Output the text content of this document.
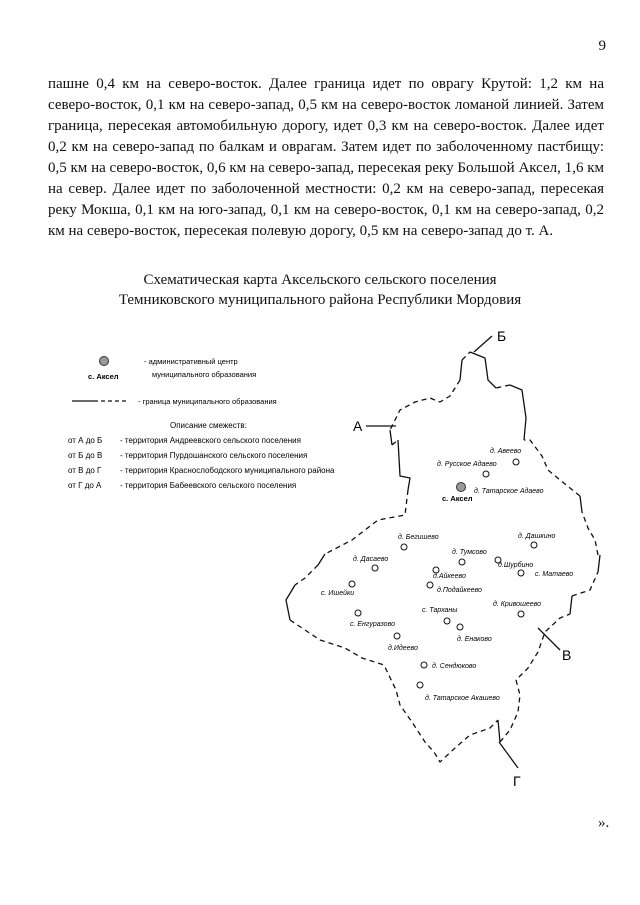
9

пашне 0,4 км на северо-восток. Далее граница идет по оврагу Крутой: 1,2 км на северо-восток, 0,1 км на северо-запад, 0,5 км на северо-восток ломаной линией. Затем граница, пересекая автомобильную дорогу, идет 0,3 км на северо-восток. Далее идет 0,2 км на северо-запад по балкам и оврагам. Затем идет по заболоченному пастбищу: 0,5 км на северо-восток, 0,6 км на северо-запад, пересекая реку Большой Аксел, 1,6 км на север. Далее идет по заболоченной местности: 0,2 км на северо-запад, пересекая реку Мокша, 0,1 км на юго-запад, 0,1 км на северо-восток, 0,1 км на северо-запад, 0,2 км на северо-восток, пересекая полевую дорогу, 0,5 км на северо-запад до т. А.

Схематическая карта Аксельского сельского поселения
Темниковского муниципального района Республики Мордовия
с. Аксел
- административный центр
муниципального образования
- граница муниципального образования
Описание смежеств:
от А до Б - территория Андреевского сельского поселения
от Б до В - территория Пурдошанского сельского поселения
от В до Г - территория Краснослободского муниципального района
от Г до А - территория Бабеевского сельского поселения
А
Б
В
Г
с. Аксел
д. Авеево
д. Русское Адаево
д. Татарское Адаево
д. Бегишево	д. Дашкино
д. Тумсово
д. Дасаево
д.Шурбино
с. Матаево
д.Айкеево
д.Подайкеево
с. Ишейки
с. Тарханы
д. Кривошеево
с. Енгуразово
д. Енаково
д.Идеево
д. Сендюково
д. Татарское Акашево
».
